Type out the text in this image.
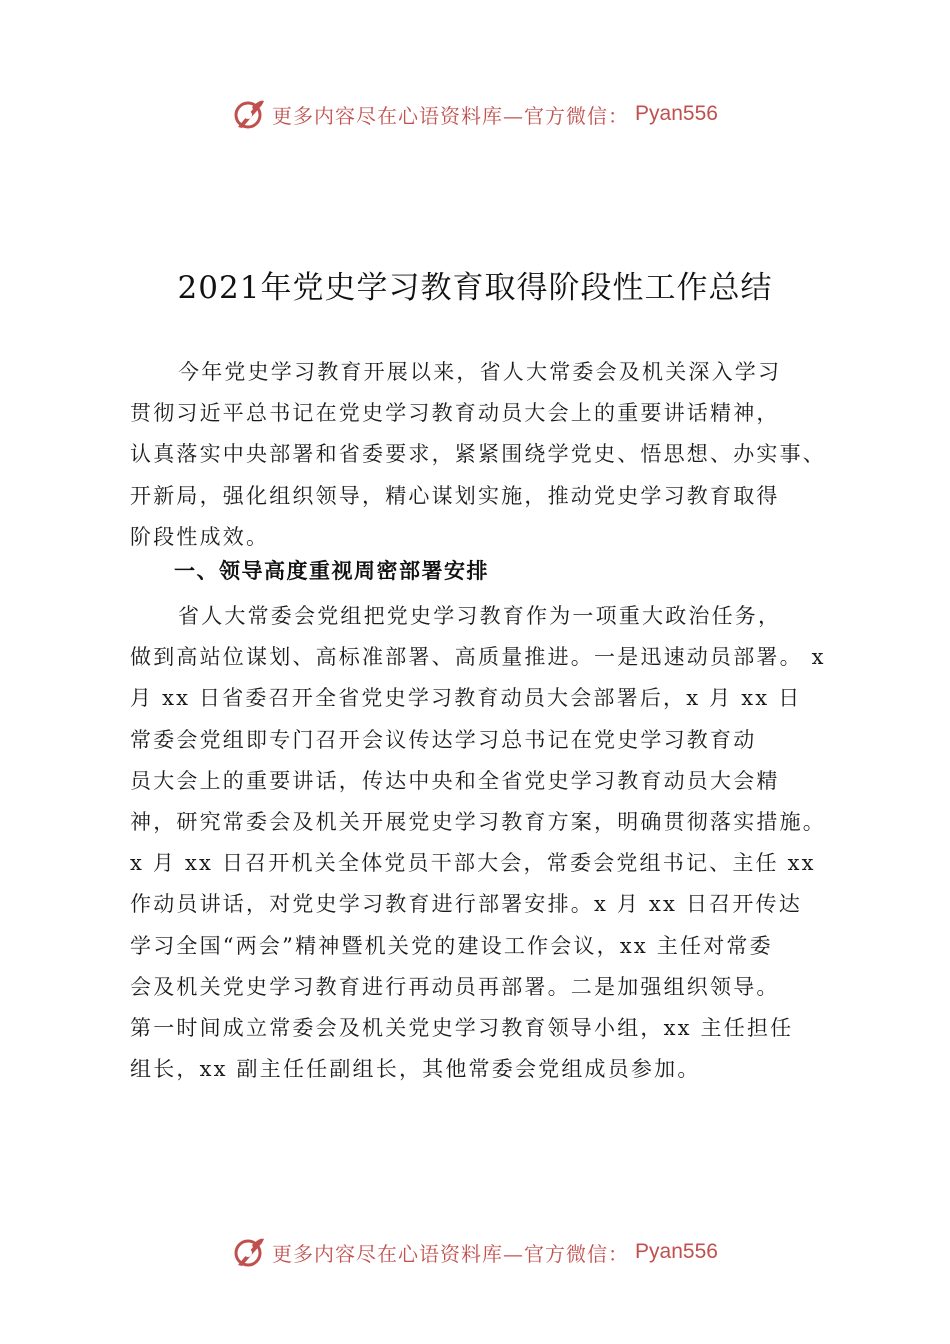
更多内容尽在心语资料库—官方微信： Pyan556
2021年党史学习教育取得阶段性工作总结
今年党史学习教育开展以来，省人大常委会及机关深入学习
贯彻习近平总书记在党史学习教育动员大会上的重要讲话精神，
认真落实中央部署和省委要求，紧紧围绕学党史、悟思想、办实事、
开新局，强化组织领导，精心谋划实施，推动党史学习教育取得
阶段性成效。
一、领导高度重视周密部署安排
省人大常委会党组把党史学习教育作为一项重大政治任务，
做到高站位谋划、高标准部署、高质量推进。一是迅速动员部署。 x
月 xx 日省委召开全省党史学习教育动员大会部署后，x 月 xx 日
常委会党组即专门召开会议传达学习总书记在党史学习教育动
员大会上的重要讲话，传达中央和全省党史学习教育动员大会精
神，研究常委会及机关开展党史学习教育方案，明确贯彻落实措施。
x 月 xx 日召开机关全体党员干部大会，常委会党组书记、主任 xx
作动员讲话，对党史学习教育进行部署安排。x 月 xx 日召开传达
学习全国“两会”精神暨机关党的建设工作会议，xx 主任对常委
会及机关党史学习教育进行再动员再部署。二是加强组织领导。
第一时间成立常委会及机关党史学习教育领导小组，xx 主任担任
组长，xx 副主任任副组长，其他常委会党组成员参加。
更多内容尽在心语资料库—官方微信： Pyan556
